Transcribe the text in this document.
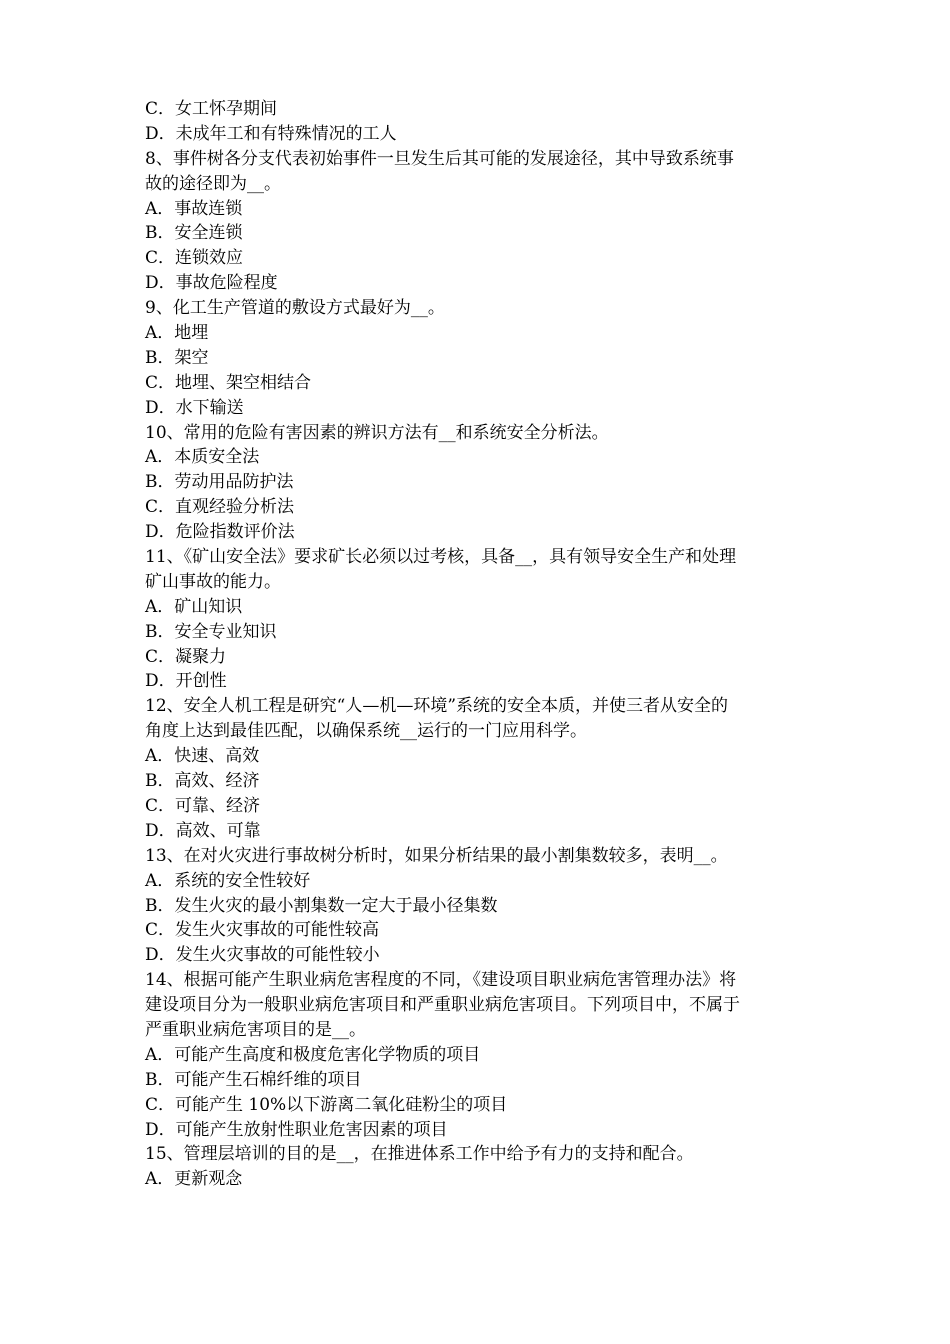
C．女工怀孕期间
D．未成年工和有特殊情况的工人
8、事件树各分支代表初始事件一旦发生后其可能的发展途径，其中导致系统事
故的途径即为__。
A．事故连锁
B．安全连锁
C．连锁效应
D．事故危险程度
9、化工生产管道的敷设方式最好为__。
A．地埋
B．架空
C．地埋、架空相结合
D．水下输送
10、常用的危险有害因素的辨识方法有__和系统安全分析法。
A．本质安全法
B．劳动用品防护法
C．直观经验分析法
D．危险指数评价法
11、《矿山安全法》要求矿长必须以过考核，具备__，具有领导安全生产和处理
矿山事故的能力。
A．矿山知识
B．安全专业知识
C．凝聚力
D．开创性
12、安全人机工程是研究“人—机—环境”系统的安全本质，并使三者从安全的
角度上达到最佳匹配，以确保系统__运行的一门应用科学。
A．快速、高效
B．高效、经济
C．可靠、经济
D．高效、可靠
13、在对火灾进行事故树分析时，如果分析结果的最小割集数较多，表明__。
A．系统的安全性较好
B．发生火灾的最小割集数一定大于最小径集数
C．发生火灾事故的可能性较高
D．发生火灾事故的可能性较小
14、根据可能产生职业病危害程度的不同，《建设项目职业病危害管理办法》将
建设项目分为一般职业病危害项目和严重职业病危害项目。下列项目中，不属于
严重职业病危害项目的是__。
A．可能产生高度和极度危害化学物质的项目
B．可能产生石棉纤维的项目
C．可能产生 10%以下游离二氧化硅粉尘的项目
D．可能产生放射性职业危害因素的项目
15、管理层培训的目的是__，在推进体系工作中给予有力的支持和配合。
A．更新观念
